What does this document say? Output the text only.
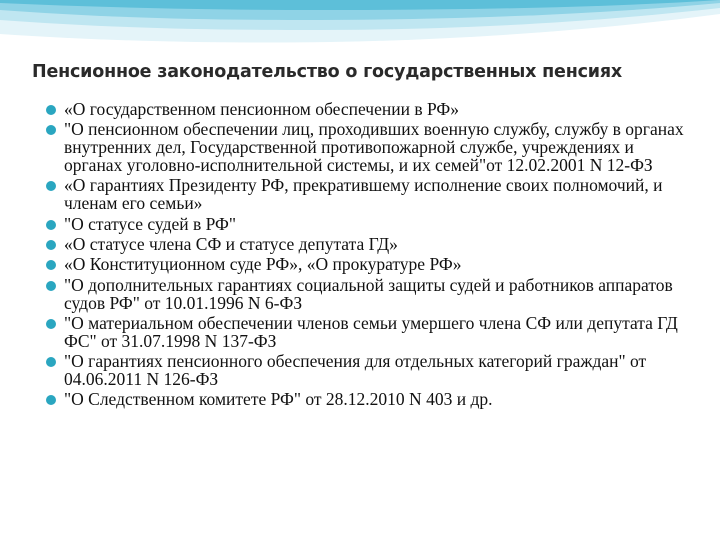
Пенсионное законодательство о государственных пенсиях
«О государственном пенсионном обеспечении в РФ»
"О пенсионном обеспечении лиц, проходивших военную службу, службу в органах внутренних дел, Государственной противопожарной службе, учреждениях и органах уголовно-исполнительной системы, и их семей"от 12.02.2001 N 12-ФЗ
«О гарантиях Президенту РФ, прекратившему исполнение своих полномочий, и членам его семьи»
"О статусе судей в РФ"
«О статусе члена СФ и статусе депутата ГД»
«О Конституционном суде РФ», «О прокуратуре РФ»
"О дополнительных гарантиях социальной защиты судей и работников аппаратов судов РФ" от 10.01.1996 N 6-ФЗ
"О материальном обеспечении членов семьи умершего члена СФ или депутата ГД ФС" от 31.07.1998 N 137-ФЗ
"О гарантиях пенсионного обеспечения для отдельных категорий граждан" от 04.06.2011 N 126-ФЗ
"О Следственном комитете РФ" от 28.12.2010 N 403 и др.
